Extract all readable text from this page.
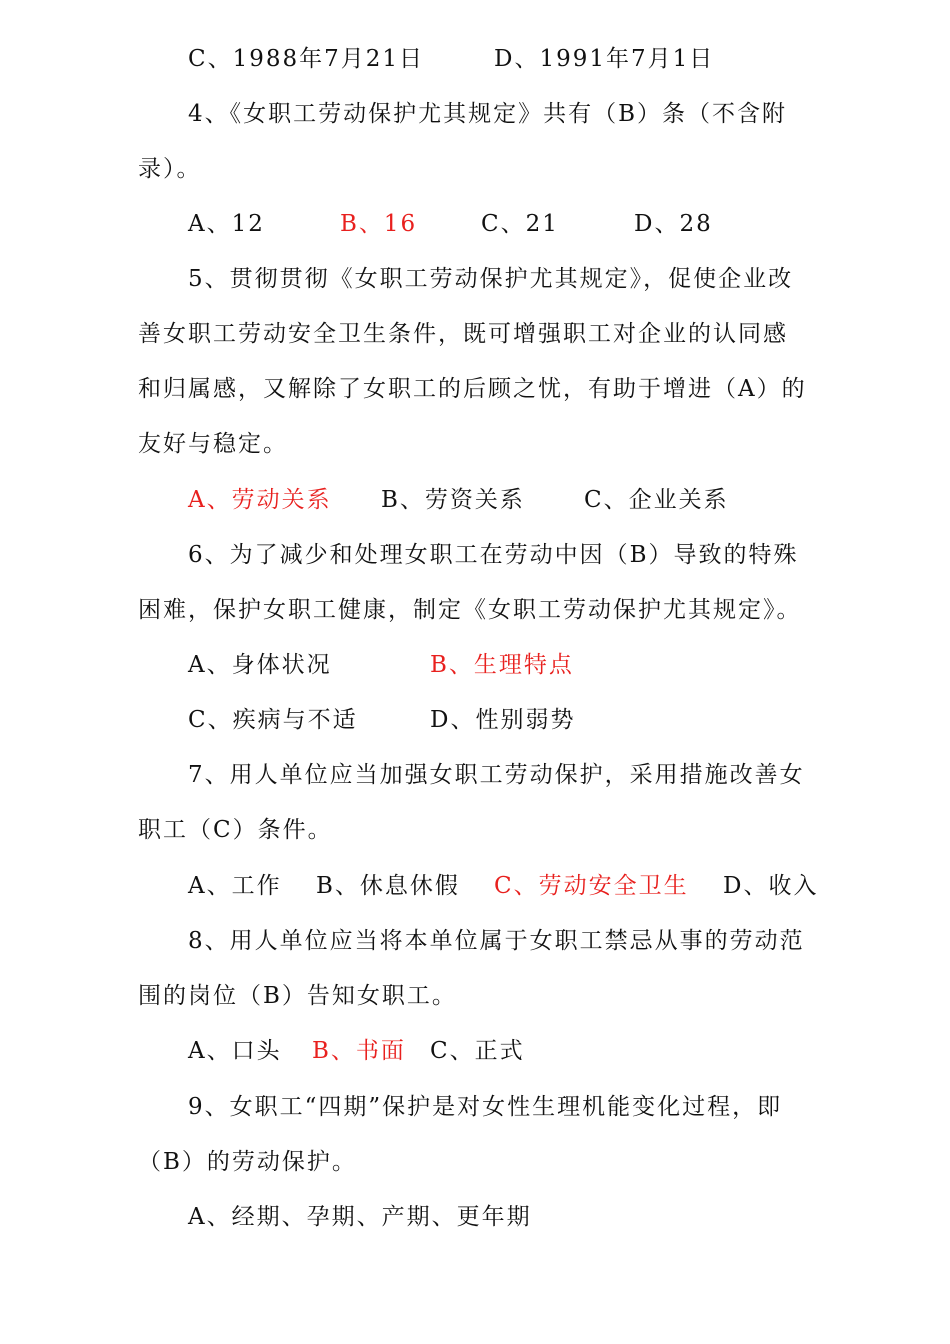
C、1988年7月21日	D、1991年7月1日
4、《女职工劳动保护尤其规定》共有（B）条（不含附
录）。
A、12	B、16	C、21	D、28
5、贯彻贯彻《女职工劳动保护尤其规定》，促使企业改
善女职工劳动安全卫生条件，既可增强职工对企业的认同感
和归属感，又解除了女职工的后顾之忧，有助于增进（A）的
友好与稳定。
A、劳动关系 B、劳资关系	C、企业关系
6、为了减少和处理女职工在劳动中因（B）导致的特殊
困难，保护女职工健康，制定《女职工劳动保护尤其规定》。
A、身体状况	B、生理特点
C、疾病与不适	D、性别弱势
7、用人单位应当加强女职工劳动保护，采用措施改善女
职工（C）条件。
A、工作 B、休息休假 C、劳动安全卫生 D、收入
8、用人单位应当将本单位属于女职工禁忌从事的劳动范
围的岗位（B）告知女职工。
A、口头 B、书面 C、正式
9、女职工“四期”保护是对女性生理机能变化过程，即
（B）的劳动保护。
A、经期、孕期、产期、更年期
